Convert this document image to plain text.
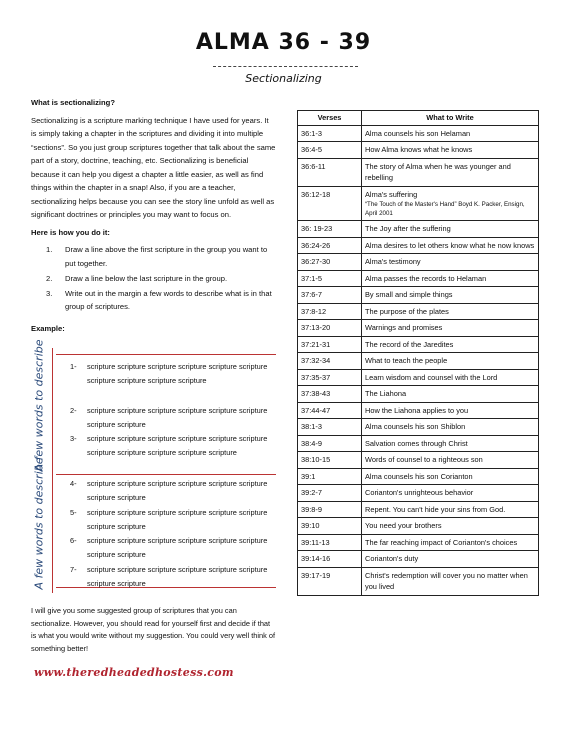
ALMA 36 - 39
Sectionalizing
What is sectionalizing?
Sectionalizing is a scripture marking technique I have used for years. It is simply taking a chapter in the scriptures and dividing it into multiple “sections”. So you just group scriptures together that talk about the same part of a story, doctrine, teaching, etc. Sectionalizing is beneficial because it can help you digest a chapter a little easier, as well as find things within the chapter in a snap! Also, if you are a teacher, sectionalizing helps because you can see the story line unfold as well as significant doctrines or principles you may want to focus on.
Here is how you do it:
1.	Draw a line above the first scripture in the group you want to put together.
2.	Draw a line below the last scripture in the group.
3.	Write out in the margin a few words to describe what is in that group of scriptures.
Example:
A few words to describe
A few words to describe
1-	scripture scripture scripture scripture scripture scripture scripture scripture scripture scripture
2-	scripture scripture scripture scripture scripture scripture scripture scripture
3-	scripture scripture scripture scripture scripture scripture scripture scripture scripture scripture scripture
4-	scripture scripture scripture scripture scripture scripture scripture scripture
5-	scripture scripture scripture scripture scripture scripture scripture scripture
6-	scripture scripture scripture scripture scripture scripture scripture scripture
7-	scripture scripture scripture scripture scripture scripture scripture scripture
I will give you some suggested group of scriptures that you can sectionalize. However, you should read for yourself first and decide if that is what you would write without my suggestion. You could very well think of something better!
www.theredheadedhostess.com
Verses	What to Write
36:1-3	Alma counsels his son Helaman
36:4-5	How Alma knows what he knows
36:6-11	The story of Alma when he was younger and rebelling
36:12-18	Alma's suffering
“The Touch of the Master's Hand” Boyd K. Packer, Ensign, April 2001

36: 19-23	The Joy after the suffering
36:24-26	Alma desires to let others know what he now knows
36:27-30	Alma's testimony
37:1-5	Alma passes the records to Helaman
37:6-7	By small and simple things
37:8-12	The purpose of the plates
37:13-20	Warnings and promises
37:21-31	The record of the Jaredites
37:32-34	What to teach the people
37:35-37	Learn wisdom and counsel with the Lord
37:38-43	The Liahona
37:44-47	How the Liahona applies to you
38:1-3	Alma counsels his son Shiblon
38:4-9	Salvation comes through Christ
38:10-15	Words of counsel to a righteous son
39:1	Alma counsels his son Corianton
39:2-7	Corianton's unrighteous behavior
39:8-9	Repent. You can't hide your sins from God.
39:10	You need your brothers
39:11-13	The far reaching impact of Corianton's choices
39:14-16	Corianton's duty
39:17-19	Christ's redemption will cover you no matter when you lived
